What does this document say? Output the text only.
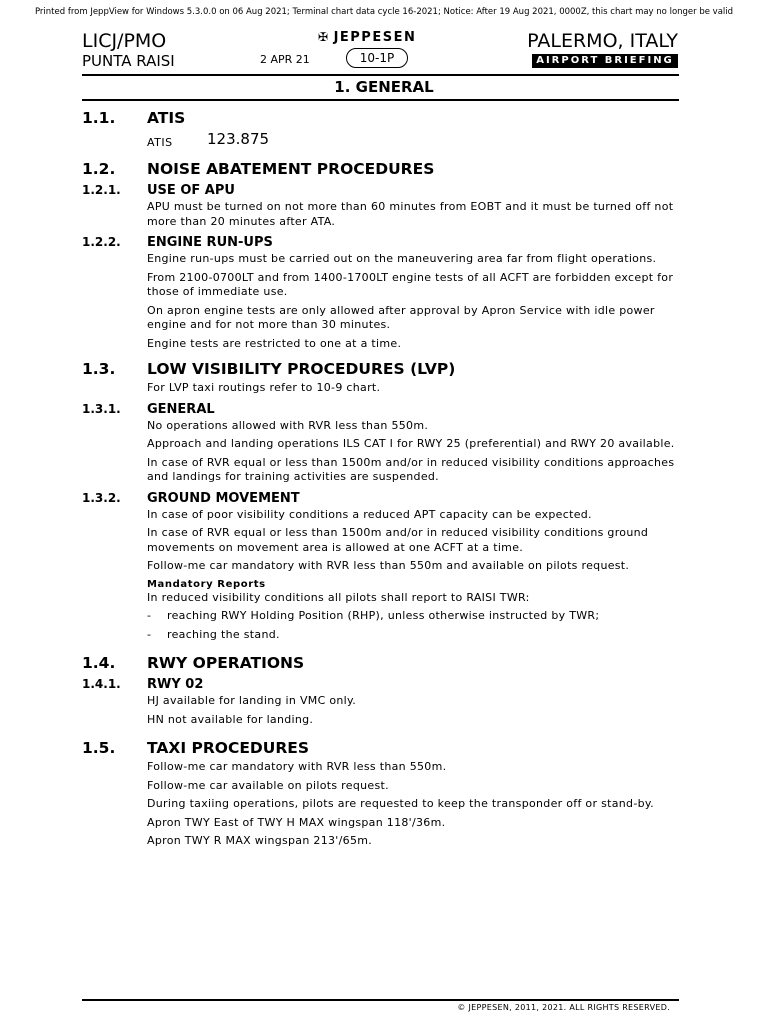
Printed from JeppView for Windows 5.3.0.0 on 06 Aug 2021; Terminal chart data cycle 16-2021; Notice: After 19 Aug 2021, 0000Z, this chart may no longer be valid
LICJ/PMO
PUNTA RAISI	2 APR 21
✠ JEPPESEN
10-1P
PALERMO, ITALY
AIRPORT BRIEFING
1. GENERAL
1.1. ATIS
ATIS 123.875
1.2. NOISE ABATEMENT PROCEDURES
1.2.1. USE OF APU
APU must be turned on not more than 60 minutes from EOBT and it must be turned off not more than 20 minutes after ATA.
1.2.2. ENGINE RUN-UPS
Engine run-ups must be carried out on the maneuvering area far from flight operations.
From 2100-0700LT and from 1400-1700LT engine tests of all ACFT are forbidden except for those of immediate use.
On apron engine tests are only allowed after approval by Apron Service with idle power engine and for not more than 30 minutes.
Engine tests are restricted to one at a time.
1.3. LOW VISIBILITY PROCEDURES (LVP)
For LVP taxi routings refer to 10-9 chart.
1.3.1. GENERAL
No operations allowed with RVR less than 550m.
Approach and landing operations ILS CAT I for RWY 25 (preferential) and RWY 20 available.
In case of RVR equal or less than 1500m and/or in reduced visibility conditions approaches and landings for training activities are suspended.
1.3.2. GROUND MOVEMENT
In case of poor visibility conditions a reduced APT capacity can be expected.
In case of RVR equal or less than 1500m and/or in reduced visibility conditions ground movements on movement area is allowed at one ACFT at a time.
Follow-me car mandatory with RVR less than 550m and available on pilots request.
Mandatory Reports
In reduced visibility conditions all pilots shall report to RAISI TWR:
- reaching RWY Holding Position (RHP), unless otherwise instructed by TWR;
- reaching the stand.
1.4. RWY OPERATIONS
1.4.1. RWY 02
HJ available for landing in VMC only.
HN not available for landing.
1.5. TAXI PROCEDURES
Follow-me car mandatory with RVR less than 550m.
Follow-me car available on pilots request.
During taxiing operations, pilots are requested to keep the transponder off or stand-by.
Apron TWY East of TWY H MAX wingspan 118'/36m.
Apron TWY R MAX wingspan 213'/65m.
© JEPPESEN, 2011, 2021. ALL RIGHTS RESERVED.
